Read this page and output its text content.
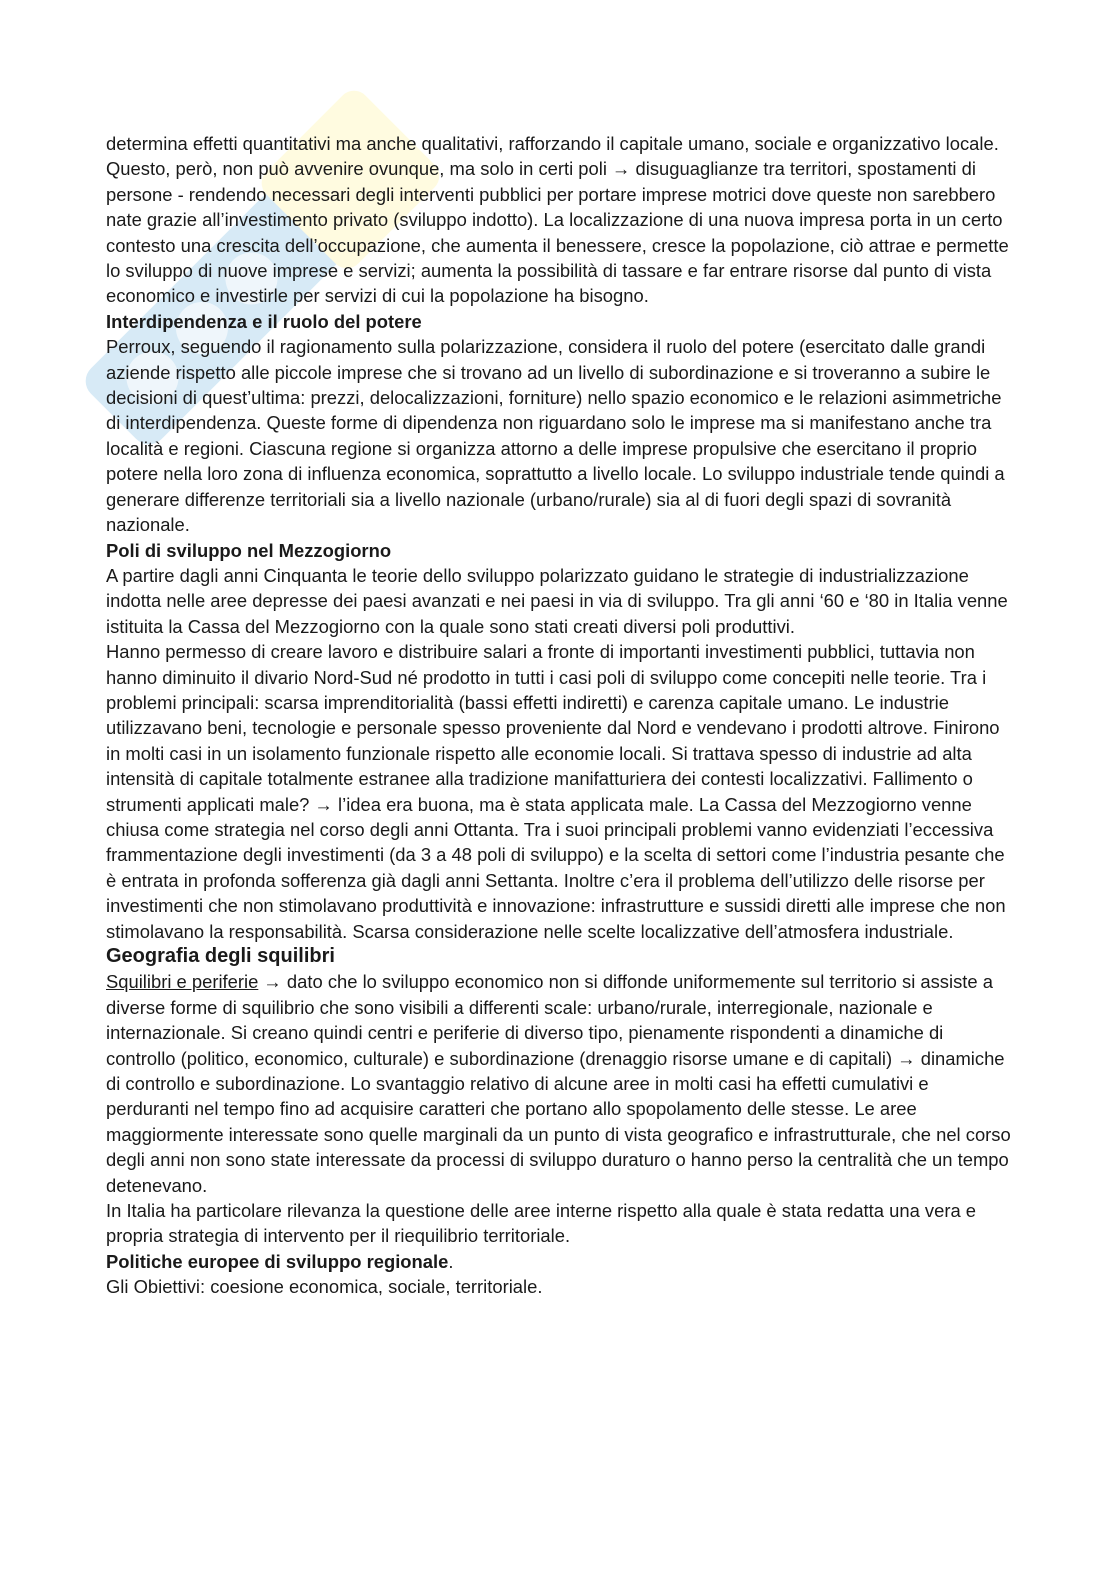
determina effetti quantitativi ma anche qualitativi, rafforzando il capitale umano, sociale e organizzativo locale. Questo, però, non può avvenire ovunque, ma solo in certi poli → disuguaglianze tra territori, spostamenti di persone - rendendo necessari degli interventi pubblici per portare imprese motrici dove queste non sarebbero nate grazie all’investimento privato (sviluppo indotto). La localizzazione di una nuova impresa porta in un certo contesto una crescita dell’occupazione, che aumenta il benessere, cresce la popolazione, ciò attrae e permette lo sviluppo di nuove imprese e servizi; aumenta la possibilità di tassare e far entrare risorse dal punto di vista economico e investirle per servizi di cui la popolazione ha bisogno.

Interdipendenza e il ruolo del potere

Perroux, seguendo il ragionamento sulla polarizzazione, considera il ruolo del potere (esercitato dalle grandi aziende rispetto alle piccole imprese che si trovano ad un livello di subordinazione e si troveranno a subire le decisioni di quest’ultima: prezzi, delocalizzazioni, forniture) nello spazio economico e le relazioni asimmetriche di interdipendenza. Queste forme di dipendenza non riguardano solo le imprese ma si manifestano anche tra località e regioni. Ciascuna regione si organizza attorno a delle imprese propulsive che esercitano il proprio potere nella loro zona di influenza economica, soprattutto a livello locale. Lo sviluppo industriale tende quindi a generare differenze territoriali sia a livello nazionale (urbano/rurale) sia al di fuori degli spazi di sovranità nazionale.

Poli di sviluppo nel Mezzogiorno

A partire dagli anni Cinquanta le teorie dello sviluppo polarizzato guidano le strategie di industrializzazione indotta nelle aree depresse dei paesi avanzati e nei paesi in via di sviluppo. Tra gli anni ‘60 e ‘80 in Italia venne istituita la Cassa del Mezzogiorno con la quale sono stati creati diversi poli produttivi.

Hanno permesso di creare lavoro e distribuire salari a fronte di importanti investimenti pubblici, tuttavia non hanno diminuito il divario Nord-Sud né prodotto in tutti i casi poli di sviluppo come concepiti nelle teorie. Tra i problemi principali: scarsa imprenditorialità (bassi effetti indiretti) e carenza capitale umano. Le industrie utilizzavano beni, tecnologie e personale spesso proveniente dal Nord e vendevano i prodotti altrove. Finirono in molti casi in un isolamento funzionale rispetto alle economie locali. Si trattava spesso di industrie ad alta intensità di capitale totalmente estranee alla tradizione manifatturiera dei contesti localizzativi. Fallimento o strumenti applicati male? → l’idea era buona, ma è stata applicata male. La Cassa del Mezzogiorno venne chiusa come strategia nel corso degli anni Ottanta. Tra i suoi principali problemi vanno evidenziati l’eccessiva frammentazione degli investimenti (da 3 a 48 poli di sviluppo) e la scelta di settori come l’industria pesante che è entrata in profonda sofferenza già dagli anni Settanta. Inoltre c’era il problema dell’utilizzo delle risorse per investimenti che non stimolavano produttività e innovazione: infrastrutture e sussidi diretti alle imprese che non stimolavano la responsabilità. Scarsa considerazione nelle scelte localizzative dell’atmosfera industriale.

Geografia degli squilibri

Squilibri e periferie → dato che lo sviluppo economico non si diffonde uniformemente sul territorio si assiste a diverse forme di squilibrio che sono visibili a differenti scale: urbano/rurale, interregionale, nazionale e internazionale. Si creano quindi centri e periferie di diverso tipo, pienamente rispondenti a dinamiche di controllo (politico, economico, culturale) e subordinazione (drenaggio risorse umane e di capitali) → dinamiche di controllo e subordinazione. Lo svantaggio relativo di alcune aree in molti casi ha effetti cumulativi e perduranti nel tempo fino ad acquisire caratteri che portano allo spopolamento delle stesse. Le aree maggiormente interessate sono quelle marginali da un punto di vista geografico e infrastrutturale, che nel corso degli anni non sono state interessate da processi di sviluppo duraturo o hanno perso la centralità che un tempo detenevano.

In Italia ha particolare rilevanza la questione delle aree interne rispetto alla quale è stata redatta una vera e propria strategia di intervento per il riequilibrio territoriale.

Politiche europee di sviluppo regionale.

Gli Obiettivi: coesione economica, sociale, territoriale.
